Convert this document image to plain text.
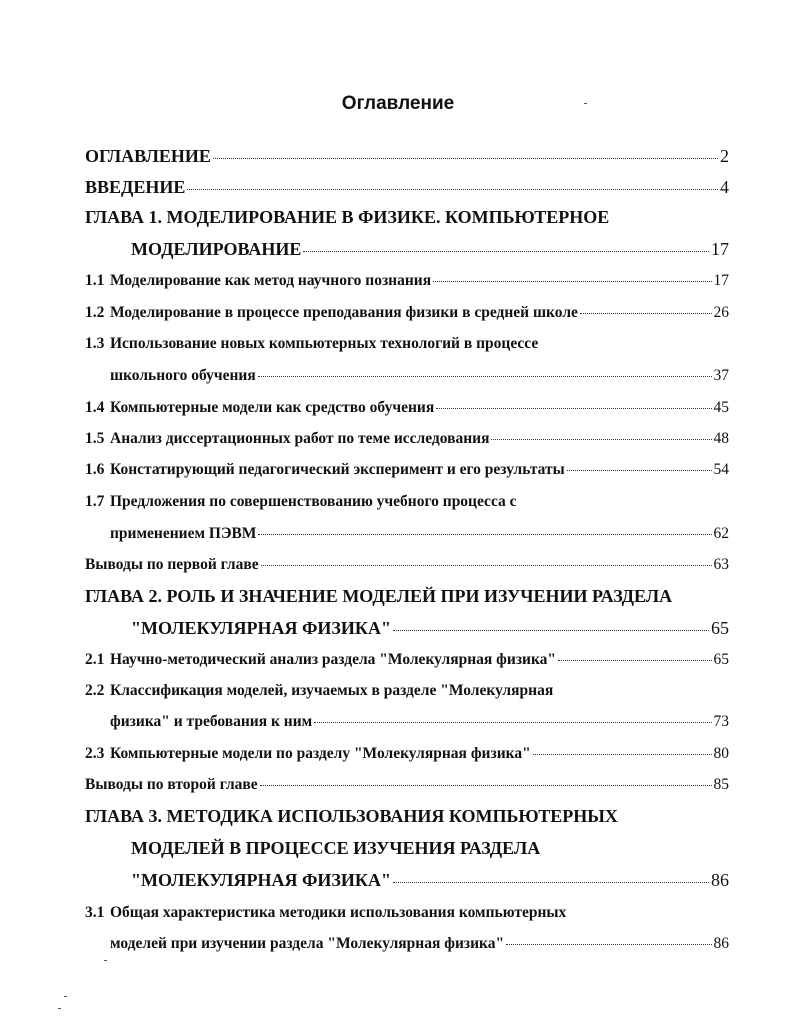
Оглавление
ОГЛАВЛЕНИЕ	2
ВВЕДЕНИЕ	4
ГЛАВА 1. МОДЕЛИРОВАНИЕ В ФИЗИКЕ. КОМПЬЮТЕРНОЕ
МОДЕЛИРОВАНИЕ	17
1.1 Моделирование как метод научного познания	17
1.2 Моделирование в процессе преподавания физики в средней школе	26
1.3 Использование новых компьютерных технологий в процессе
школьного обучения	37
1.4 Компьютерные модели как средство обучения	45
1.5 Анализ диссертационных работ по теме исследования	48
1.6 Констатирующий педагогический эксперимент и его результаты	54
1.7 Предложения по совершенствованию учебного процесса с
применением ПЭВМ	62
Выводы по первой главе	63
ГЛАВА 2. РОЛЬ И ЗНАЧЕНИЕ МОДЕЛЕЙ ПРИ ИЗУЧЕНИИ РАЗДЕЛА
"МОЛЕКУЛЯРНАЯ ФИЗИКА"	65
2.1 Научно-методический анализ раздела "Молекулярная физика"	65
2.2 Классификация моделей, изучаемых в разделе "Молекулярная
физика" и требования к ним	73
2.3 Компьютерные модели по разделу "Молекулярная физика"	80
Выводы по второй главе	85
ГЛАВА 3. МЕТОДИКА ИСПОЛЬЗОВАНИЯ КОМПЬЮТЕРНЫХ
МОДЕЛЕЙ В ПРОЦЕССЕ ИЗУЧЕНИЯ РАЗДЕЛА
"МОЛЕКУЛЯРНАЯ ФИЗИКА"	86
3.1 Общая характеристика методики использования компьютерных
моделей при изучении раздела "Молекулярная физика"	86
